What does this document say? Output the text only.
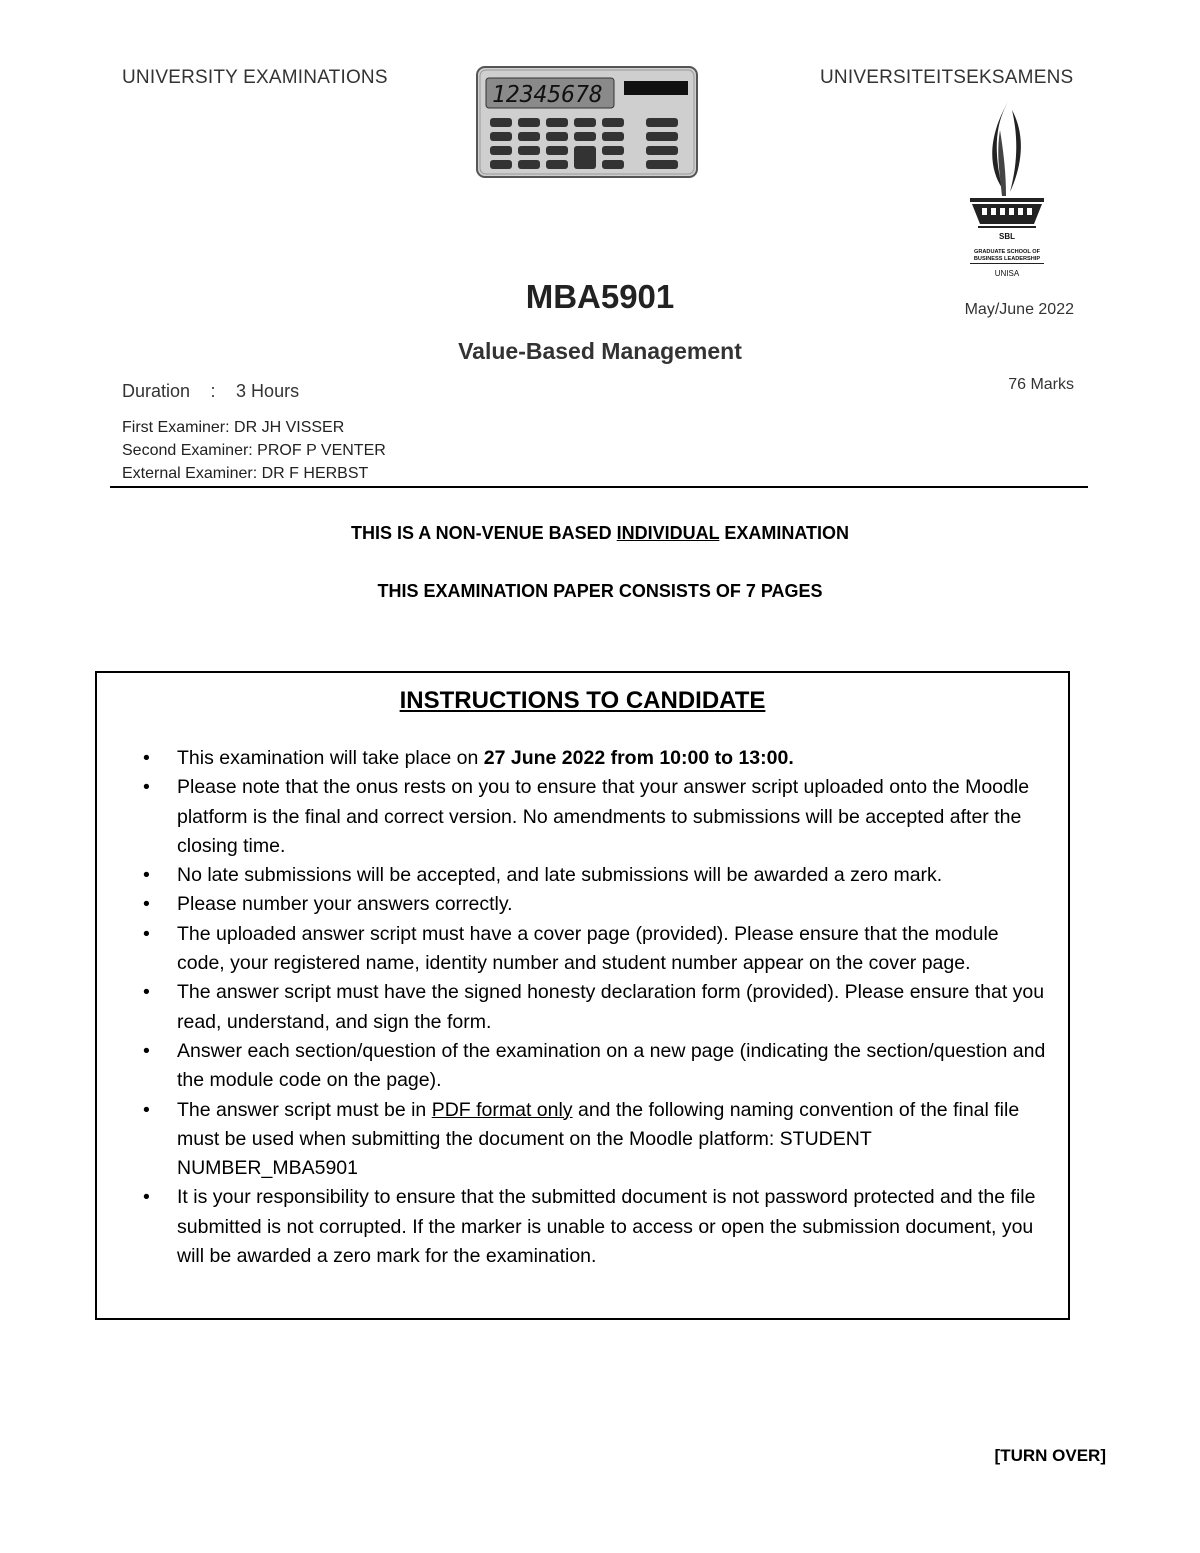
UNIVERSITY EXAMINATIONS	UNIVERSITEITSEKSAMENS
12345678
SBL
GRADUATE SCHOOL OF
BUSINESS LEADERSHIP
UNISA
MBA5901	May/June 2022
Value-Based Management
Duration : 3 Hours	76 Marks
First Examiner: DR JH VISSER
Second Examiner: PROF P VENTER
External Examiner: DR F HERBST
THIS IS A NON-VENUE BASED INDIVIDUAL EXAMINATION
THIS EXAMINATION PAPER CONSISTS OF 7 PAGES
INSTRUCTIONS TO CANDIDATE
• This examination will take place on 27 June 2022 from 10:00 to 13:00.
• Please note that the onus rests on you to ensure that your answer script uploaded onto the Moodle platform is the final and correct version. No amendments to submissions will be accepted after the closing time.
• No late submissions will be accepted, and late submissions will be awarded a zero mark.
• Please number your answers correctly.
• The uploaded answer script must have a cover page (provided). Please ensure that the module code, your registered name, identity number and student number appear on the cover page.
• The answer script must have the signed honesty declaration form (provided). Please ensure that you read, understand, and sign the form.
• Answer each section/question of the examination on a new page (indicating the section/question and the module code on the page).
• The answer script must be in PDF format only and the following naming convention of the final file must be used when submitting the document on the Moodle platform: STUDENT NUMBER_MBA5901
• It is your responsibility to ensure that the submitted document is not password protected and the file submitted is not corrupted. If the marker is unable to access or open the submission document, you will be awarded a zero mark for the examination.
[TURN OVER]
